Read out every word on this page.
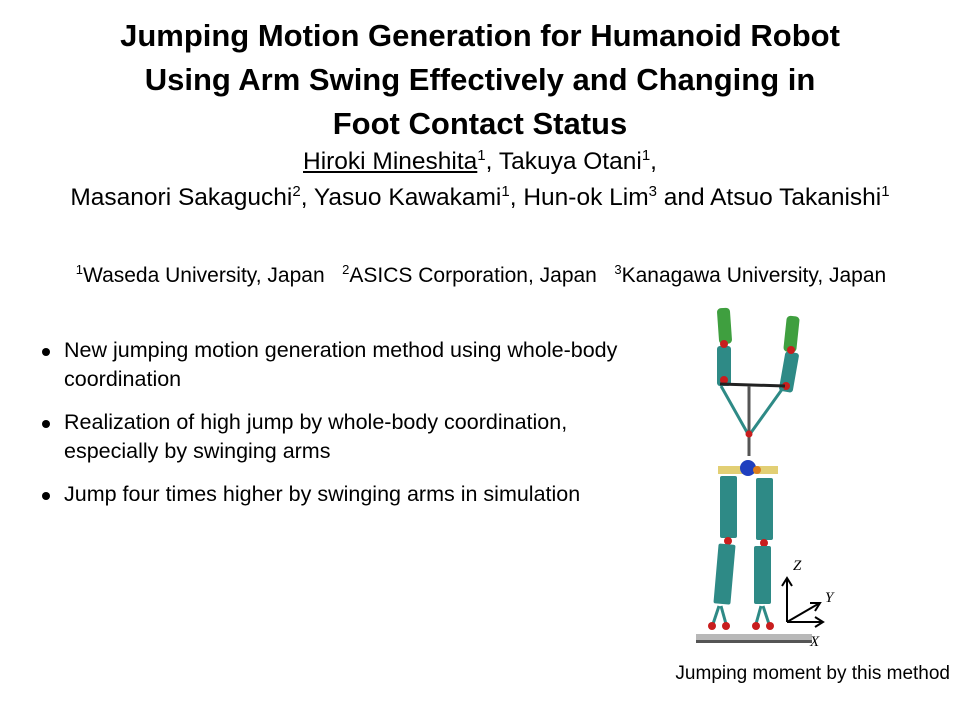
Jumping Motion Generation for Humanoid Robot
Using Arm Swing Effectively and Changing in
Foot Contact Status
Hiroki Mineshita$^1$, Takuya Otani$^1$,
Masanori Sakaguchi$^2$, Yasuo Kawakami$^1$, Hun-ok Lim$^3$ and Atsuo Takanishi$^1$
$^1$Waseda University, Japan $^2$ASICS Corporation, Japan $^3$Kanagawa University, Japan
New jumping motion generation method using whole-body coordination
Realization of high jump by whole-body coordination, especially by swinging arms
Jump four times higher by swinging arms in simulation
Z
Y
X
Jumping moment by this method
